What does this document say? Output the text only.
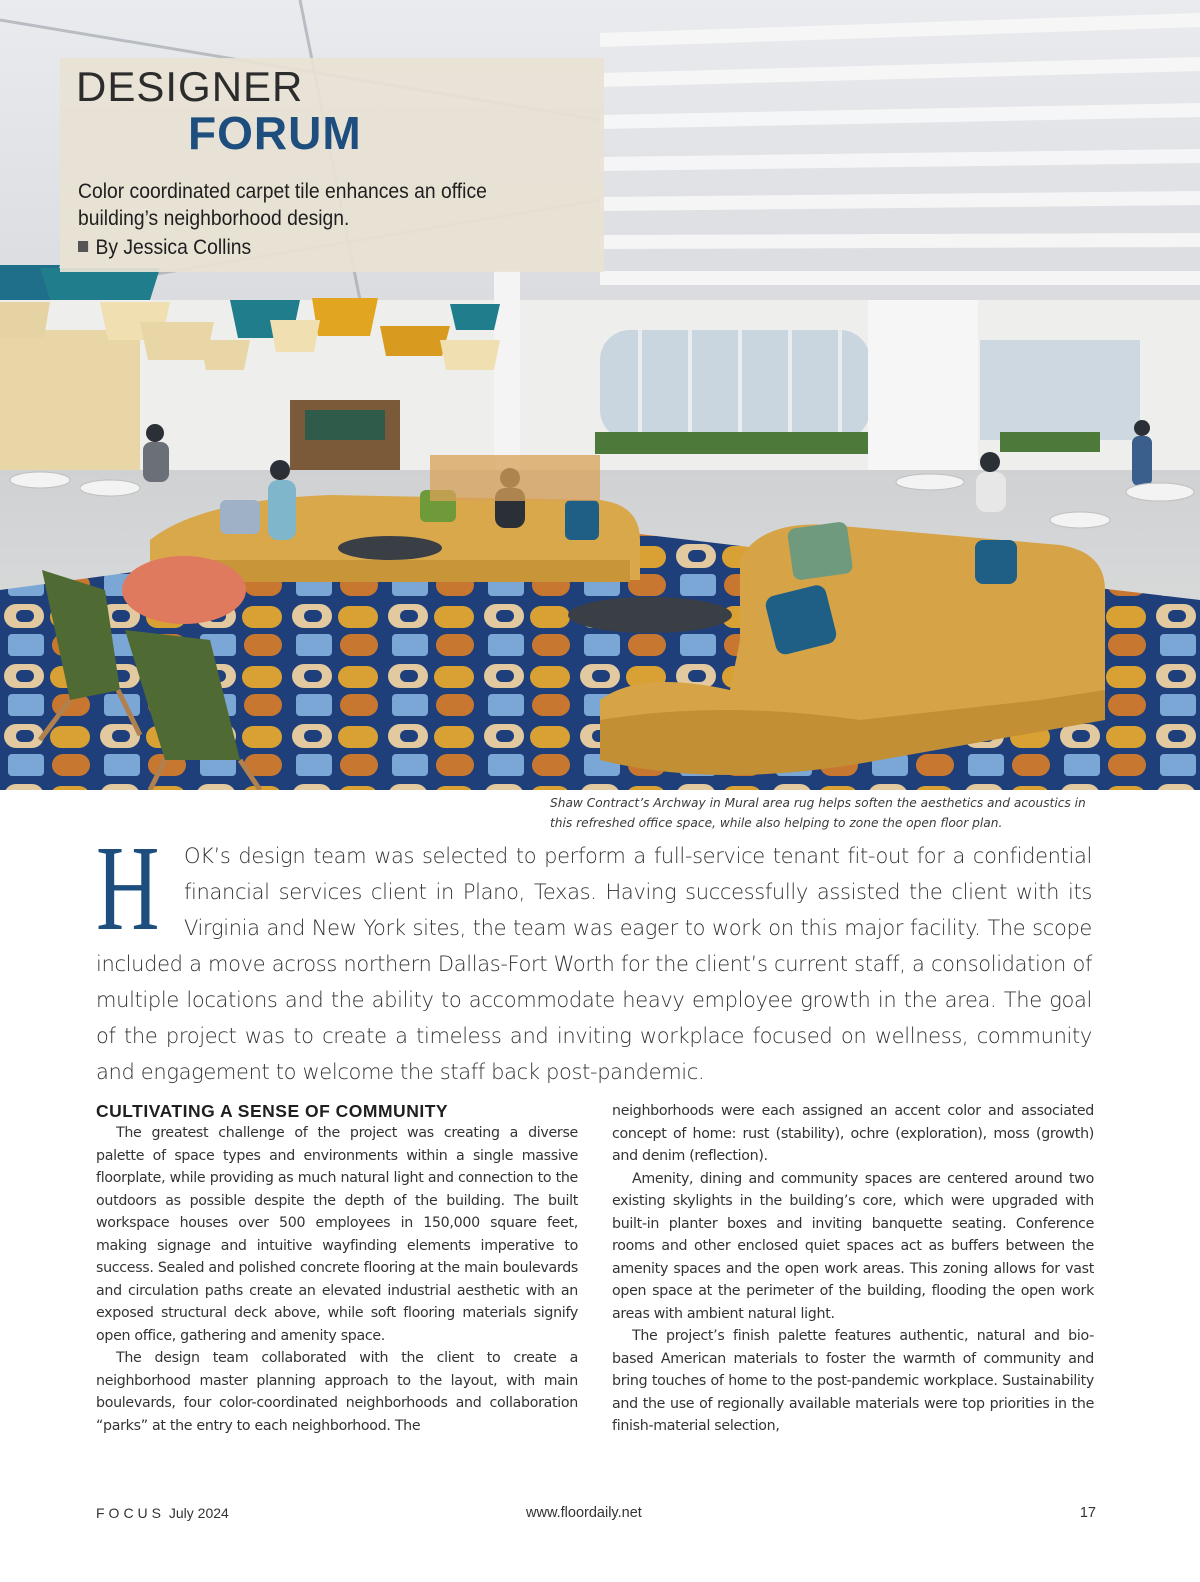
DESIGNER
FORUM

Color coordinated carpet tile enhances an office building’s neighborhood design.

By Jessica Collins

Shaw Contract’s Archway in Mural area rug helps soften the aesthetics and acoustics in this refreshed office space, while also helping to zone the open floor plan.

H	OK’s design team was selected to perform a full-service tenant fit-out for a confidential financial services client in Plano, Texas. Having successfully assisted the client with its Virginia and New York sites, the team was eager to work on this major facility. The scope included a move across northern Dallas-Fort Worth for the client’s current staff, a consolidation of multiple locations and the ability to accommodate heavy employee growth in the area. The goal of the project was to create a timeless and inviting workplace focused on wellness, community and engagement to welcome the staff back post-pandemic.

CULTIVATING A SENSE OF COMMUNITY

The greatest challenge of the project was creating a diverse palette of space types and environments within a single massive floorplate, while providing as much natural light and connection to the outdoors as possible despite the depth of the building. The built workspace houses over 500 employees in 150,000 square feet, making signage and intuitive wayfinding elements imperative to success. Sealed and polished concrete flooring at the main boulevards and circulation paths create an elevated industrial aesthetic with an exposed structural deck above, while soft flooring materials signify open office, gathering and amenity space.

The design team collaborated with the client to create a neighborhood master planning approach to the layout, with main boulevards, four color-coordinated neighborhoods and collaboration “parks” at the entry to each neighborhood. The

neighborhoods were each assigned an accent color and associated concept of home: rust (stability), ochre (exploration), moss (growth) and denim (reflection).

Amenity, dining and community spaces are centered around two existing skylights in the building’s core, which were upgraded with built-in planter boxes and inviting banquette seating. Conference rooms and other enclosed quiet spaces act as buffers between the amenity spaces and the open work areas. This zoning allows for vast open space at the perimeter of the building, flooding the open work areas with ambient natural light.

The project’s finish palette features authentic, natural and bio-based American materials to foster the warmth of community and bring touches of home to the post-pandemic workplace. Sustainability and the use of regionally available materials were top priorities in the finish-material selection,

FOCUS July 2024	www.floordaily.net	17
